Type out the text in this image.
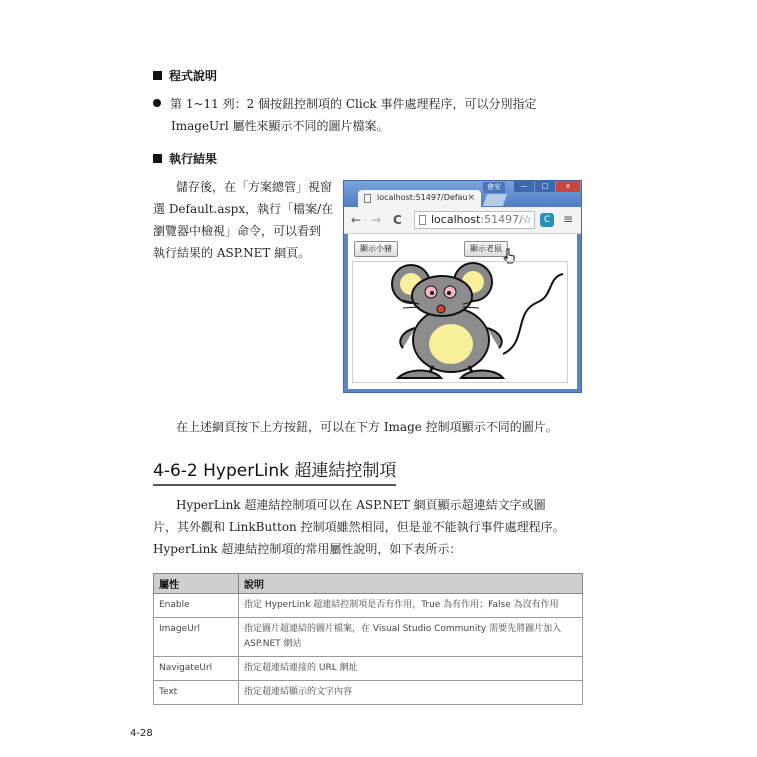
程式說明
第 1~11 列：2 個按鈕控制項的 Click 事件處理程序，可以分別指定
ImageUrl 屬性來顯示不同的圖片檔案。
執行結果
儲存後，在「方案總管」視窗
選 Default.aspx，執行「檔案/在
瀏覽器中檢視」命令，可以看到
執行結果的 ASP.NET 網頁。
localhost:51497/Defau ×
會安	—	□	x
← → C	localhost:51497/ ☆	C	≡
顯示小豬	顯示老鼠
在上述網頁按下上方按鈕，可以在下方 Image 控制項顯示不同的圖片。
4-6-2 HyperLink 超連結控制項
HyperLink 超連結控制項可以在 ASP.NET 網頁顯示超連結文字或圖
片，其外觀和 LinkButton 控制項雖然相同，但是並不能執行事件處理程序。
HyperLink 超連結控制項的常用屬性說明，如下表所示：
屬性	說明
Enable	指定 HyperLink 超連結控制項是否有作用，True 為有作用；False 為沒有作用
ImageUrl	指定圖片超連結的圖片檔案，在 Visual Studio Community 需要先將圖片加入 ASP.NET 網站
NavigateUrl	指定超連結連接的 URL 網址
Text	指定超連結顯示的文字內容
4-28
